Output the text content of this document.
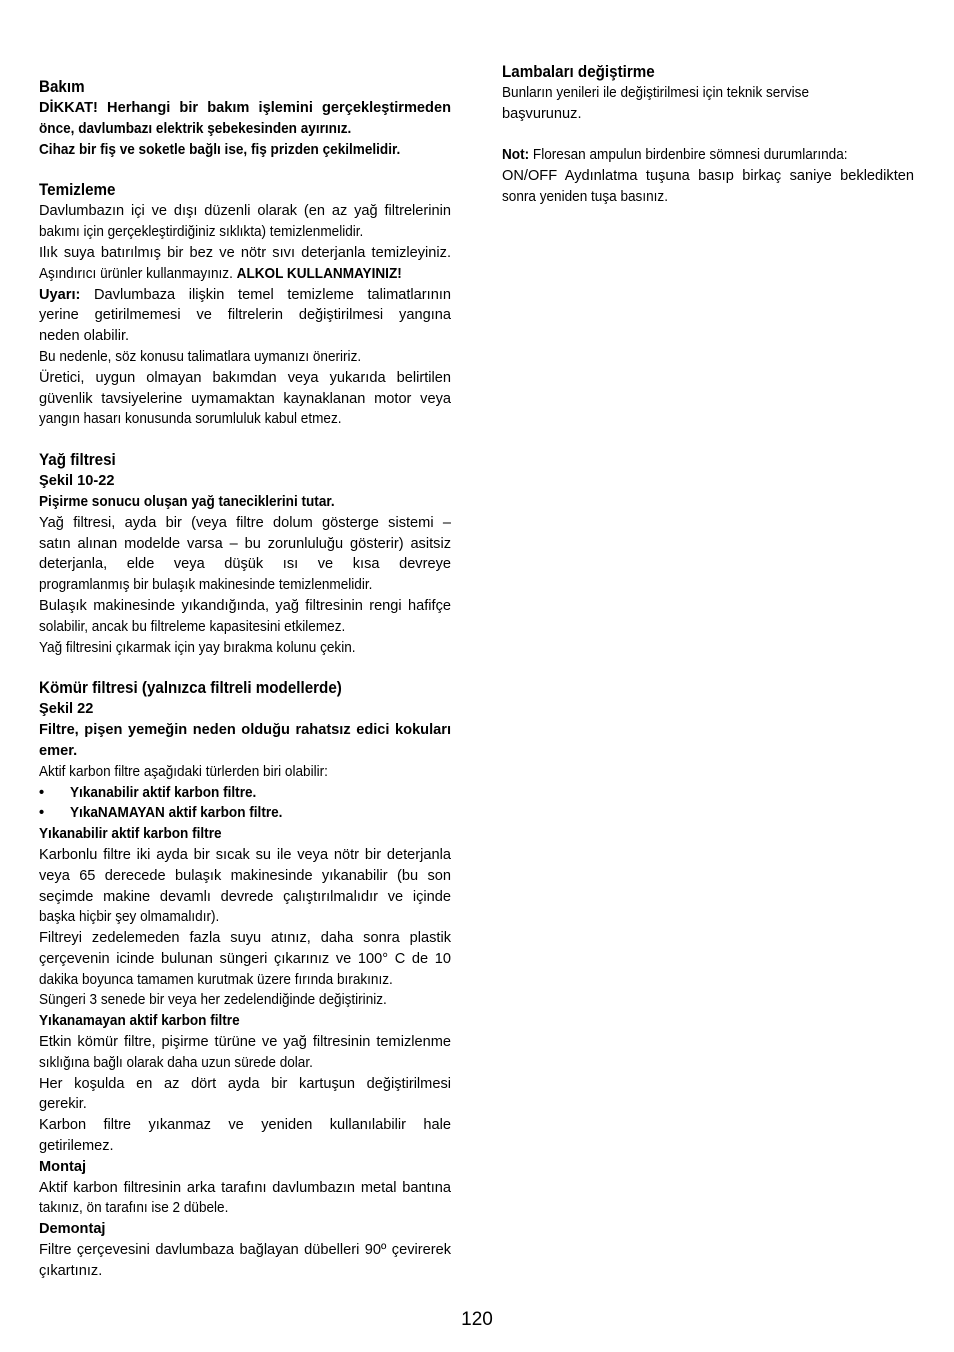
Bakım

DİKKAT! Herhangi bir bakım işlemini gerçekleştirmeden

önce, davlumbazı elektrik şebekesinden ayırınız.

Cihaz bir fiş ve soketle bağlı ise, fiş prizden çekilmelidir.

Temizleme

Davlumbazın içi ve dışı düzenli olarak (en az yağ filtrelerinin

bakımı için gerçekleştirdiğiniz sıklıkta) temizlenmelidir.

Ilık suya batırılmış bir bez ve nötr sıvı deterjanla temizleyiniz.

Aşındırıcı ürünler kullanmayınız. ALKOL KULLANMAYINIZ!

Uyarı: Davlumbaza ilişkin temel temizleme talimatlarının

yerine getirilmemesi ve filtrelerin değiştirilmesi yangına

neden olabilir.

Bu nedenle, söz konusu talimatlara uymanızı öneririz.

Üretici, uygun olmayan bakımdan veya yukarıda belirtilen

güvenlik tavsiyelerine uymamaktan kaynaklanan motor veya

yangın hasarı konusunda sorumluluk kabul etmez.

Yağ filtresi

Şekil 10-22

Pişirme sonucu oluşan yağ taneciklerini tutar.

Yağ filtresi, ayda bir (veya filtre dolum gösterge sistemi –

satın alınan modelde varsa – bu zorunluluğu gösterir) asitsiz

deterjanla, elde veya düşük ısı ve kısa devreye

programlanmış bir bulaşık makinesinde temizlenmelidir.

Bulaşık makinesinde yıkandığında, yağ filtresinin rengi hafifçe

solabilir, ancak bu filtreleme kapasitesini etkilemez.

Yağ filtresini çıkarmak için yay bırakma kolunu çekin.

Kömür filtresi (yalnızca filtreli modellerde)

Şekil 22

Filtre, pişen yemeğin neden olduğu rahatsız edici kokuları

emer.

Aktif karbon filtre aşağıdaki türlerden biri olabilir:

•	Yıkanabilir aktif karbon filtre.
•	YıkaNAMAYAN aktif karbon filtre.

Yıkanabilir aktif karbon filtre

Karbonlu filtre iki ayda bir sıcak su ile veya nötr bir deterjanla

veya 65 derecede bulaşık makinesinde yıkanabilir (bu son

seçimde makine devamlı devrede çalıştırılmalıdır ve içinde

başka hiçbir şey olmamalıdır).

Filtreyi zedelemeden fazla suyu atınız, daha sonra plastik

çerçevenin icinde bulunan süngeri çıkarınız ve 100° C de 10

dakika boyunca tamamen kurutmak üzere fırında bırakınız.

Süngeri 3 senede bir veya her zedelendiğinde değiştiriniz.

Yıkanamayan aktif karbon filtre

Etkin kömür filtre, pişirme türüne ve yağ filtresinin temizlenme

sıklığına bağlı olarak daha uzun sürede dolar.

Her koşulda en az dört ayda bir kartuşun değiştirilmesi

gerekir.

Karbon filtre yıkanmaz ve yeniden kullanılabilir hale

getirilemez.

Montaj

Aktif karbon filtresinin arka tarafını davlumbazın metal bantına

takınız, ön tarafını ise 2 dübele.

Demontaj

Filtre çerçevesini davlumbaza bağlayan dübelleri 90º çevirerek

çıkartınız.

Lambaları değiştirme

Bunların yenileri ile değiştirilmesi için teknik servise

başvurunuz.

Not: Floresan ampulun birdenbire sömnesi durumlarında:

ON/OFF Aydınlatma tuşuna basıp birkaç saniye bekledikten

sonra yeniden tuşa basınız.

120
